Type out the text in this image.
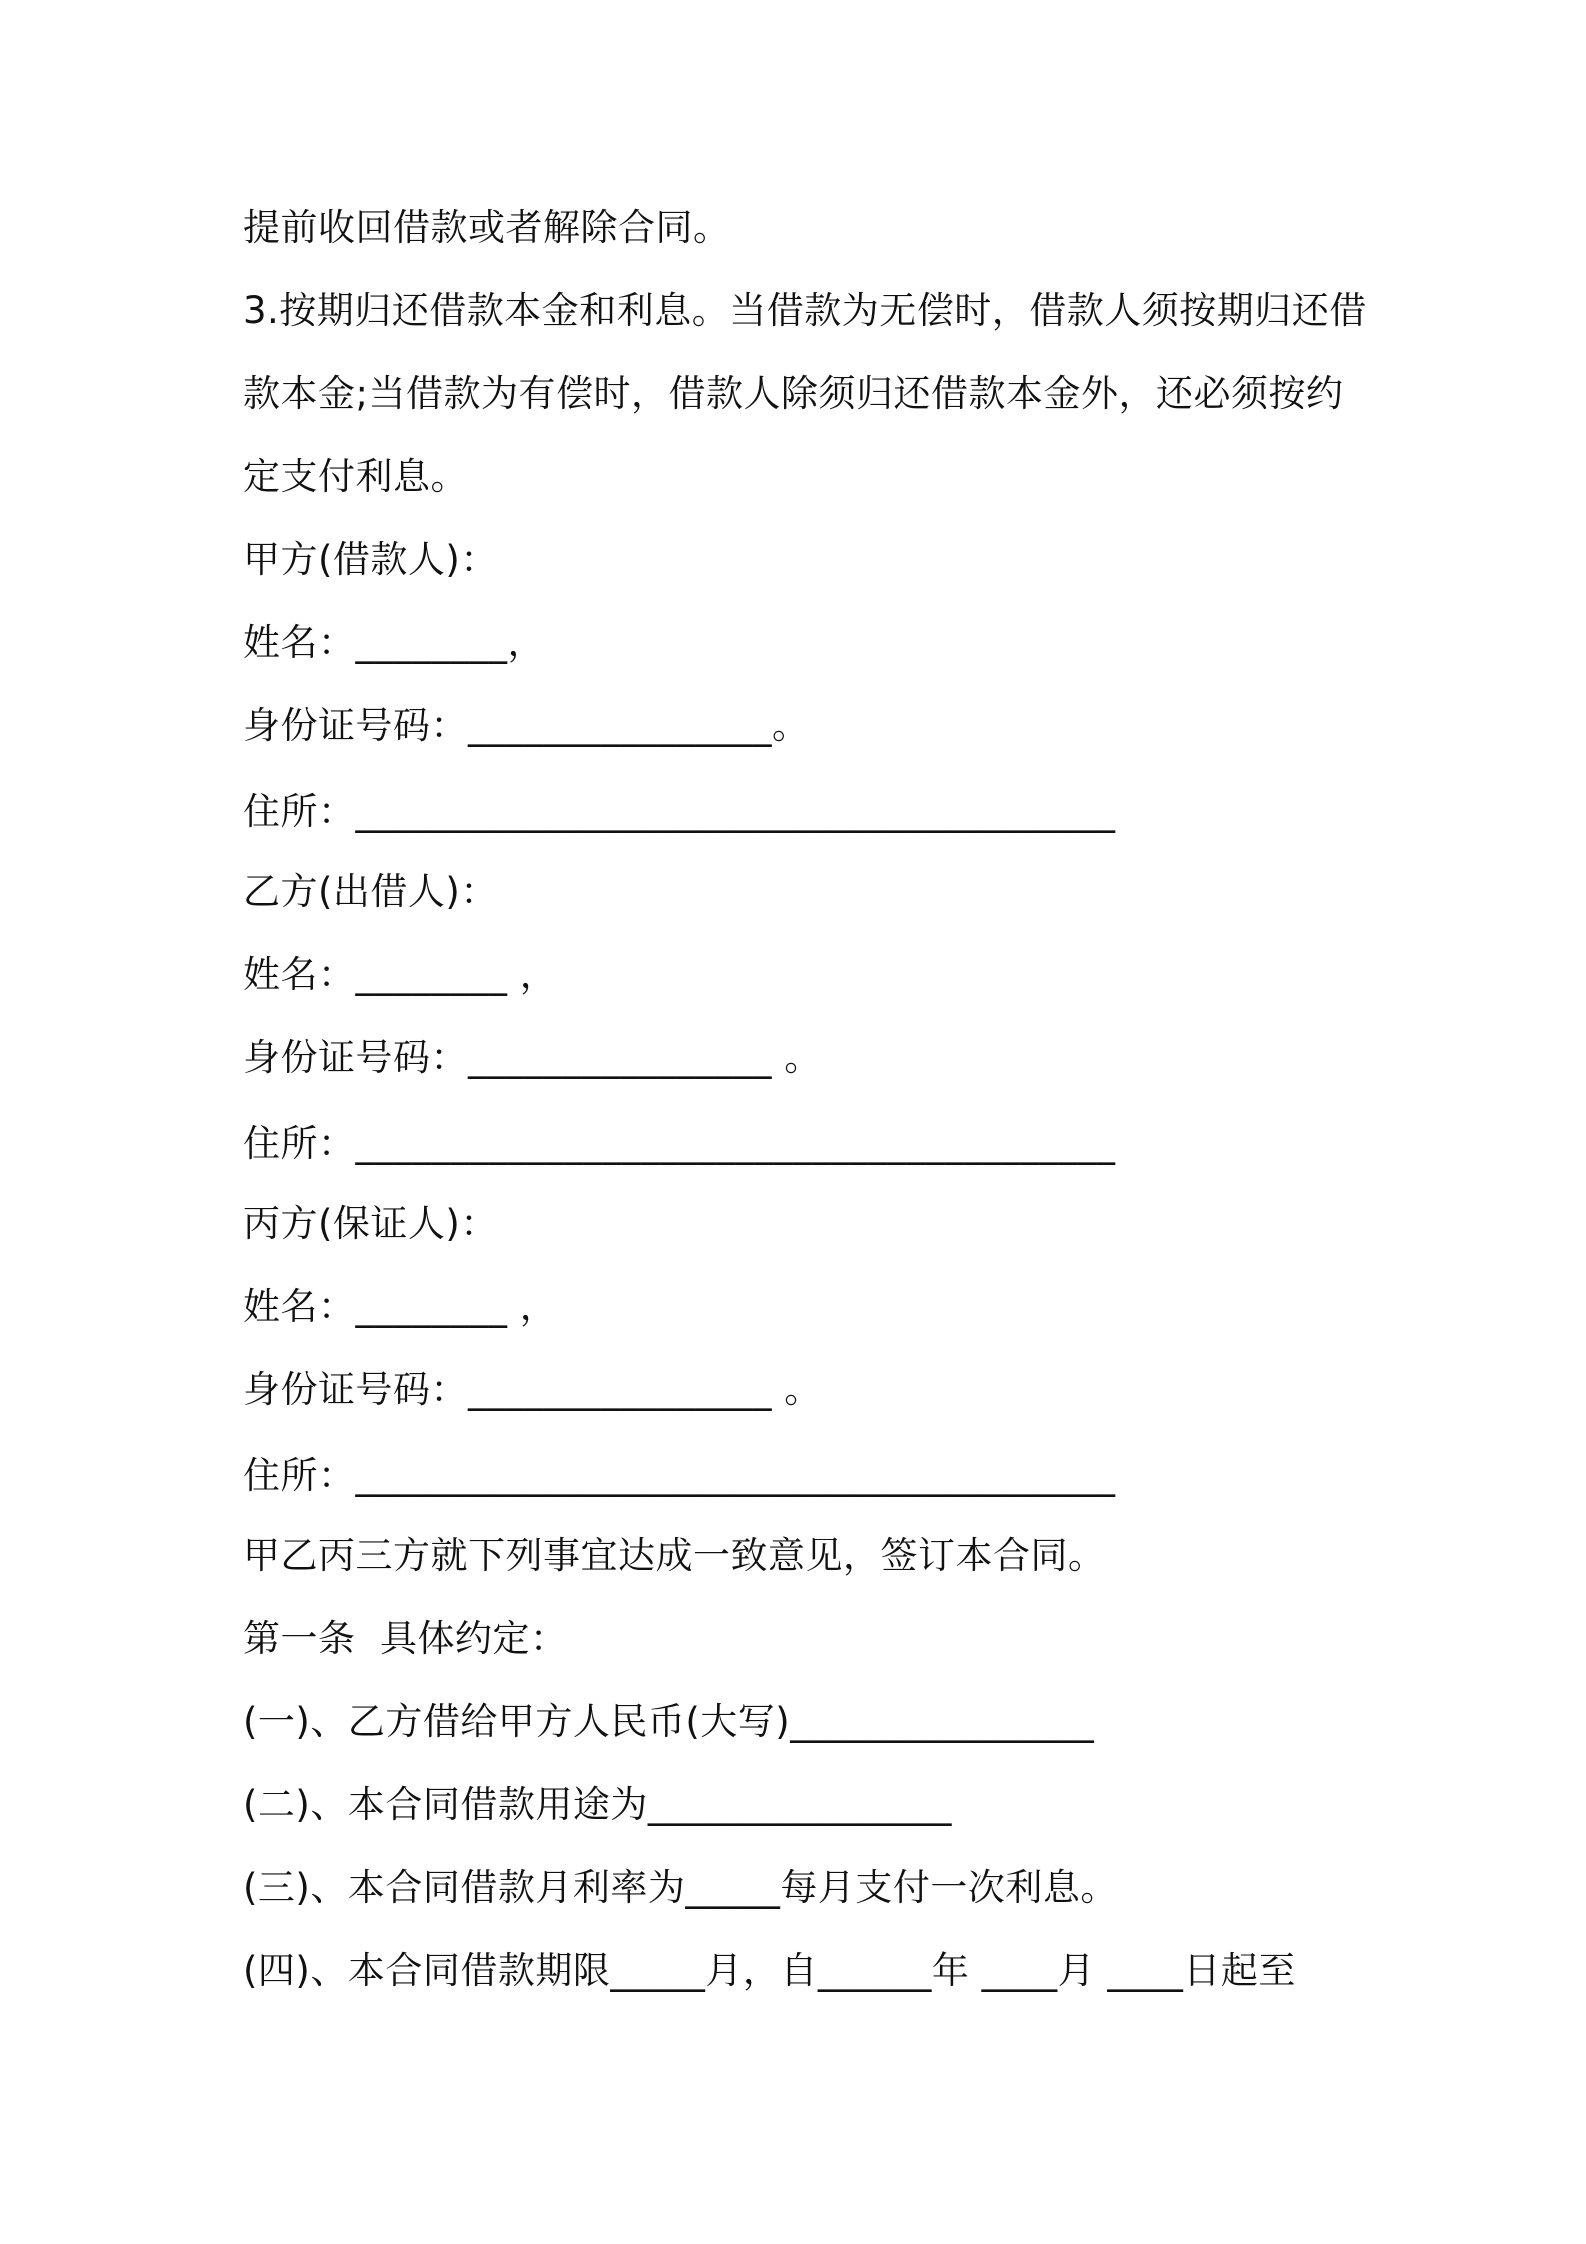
提前收回借款或者解除合同。
3.按期归还借款本金和利息。当借款为无偿时，借款人须按期归还借
款本金;当借款为有偿时，借款人除须归还借款本金外，还必须按约
定支付利息。
甲方(借款人)：
姓名：________，
身份证号码：________________。
住所：________________________________________
乙方(出借人)：
姓名：________ ，
身份证号码：________________ 。
住所：________________________________________
丙方(保证人)：
姓名：________ ，
身份证号码：________________ 。
住所：________________________________________
甲乙丙三方就下列事宜达成一致意见，签订本合同。
第一条  具体约定：
(一)、乙方借给甲方人民币(大写)________________
(二)、本合同借款用途为________________
(三)、本合同借款月利率为_____每月支付一次利息。
(四)、本合同借款期限_____月，自______年 ____月 ____日起至
